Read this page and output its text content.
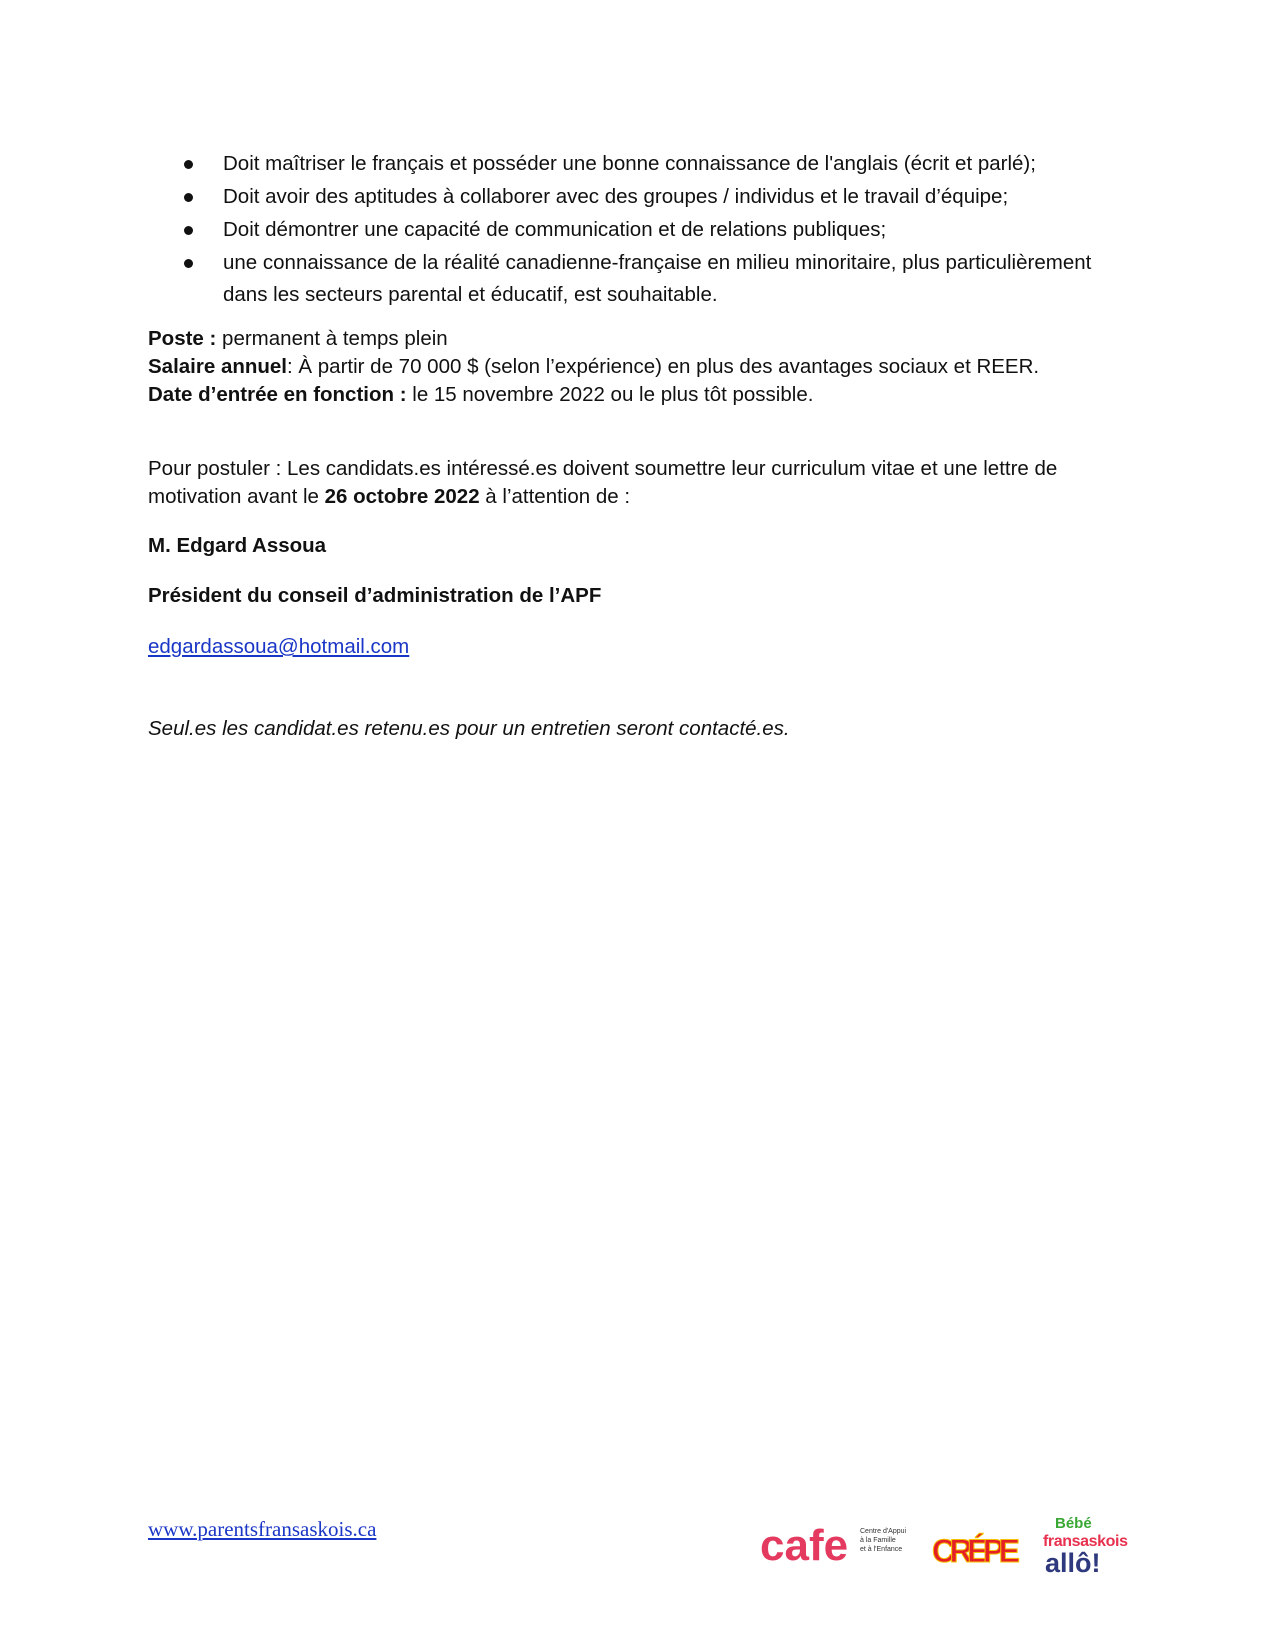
Doit maîtriser le français et posséder une bonne connaissance de l'anglais (écrit et parlé);
Doit avoir des aptitudes à collaborer avec des groupes / individus et le travail d’équipe;
Doit démontrer une capacité de communication et de relations publiques;
une connaissance de la réalité canadienne-française en milieu minoritaire, plus particulièrement dans les secteurs parental et éducatif, est souhaitable.
Poste : permanent à temps plein
Salaire annuel: À partir de 70 000 $ (selon l’expérience) en plus des avantages sociaux et REER.
Date d’entrée en fonction : le 15 novembre 2022 ou le plus tôt possible.
Pour postuler : Les candidats.es intéressé.es doivent soumettre leur curriculum vitae et une lettre de motivation avant le 26 octobre 2022 à l’attention de :
M. Edgard Assoua
Président du conseil d’administration de l’APF
edgardassoua@hotmail.com
Seul.es les candidat.es retenu.es pour un entretien seront contacté.es.
www.parentsfransaskois.ca	cafe Centre d'Appui
à la Famille
et à l'Enfance CRÉPE
Bébé
fransaskois
allô!
